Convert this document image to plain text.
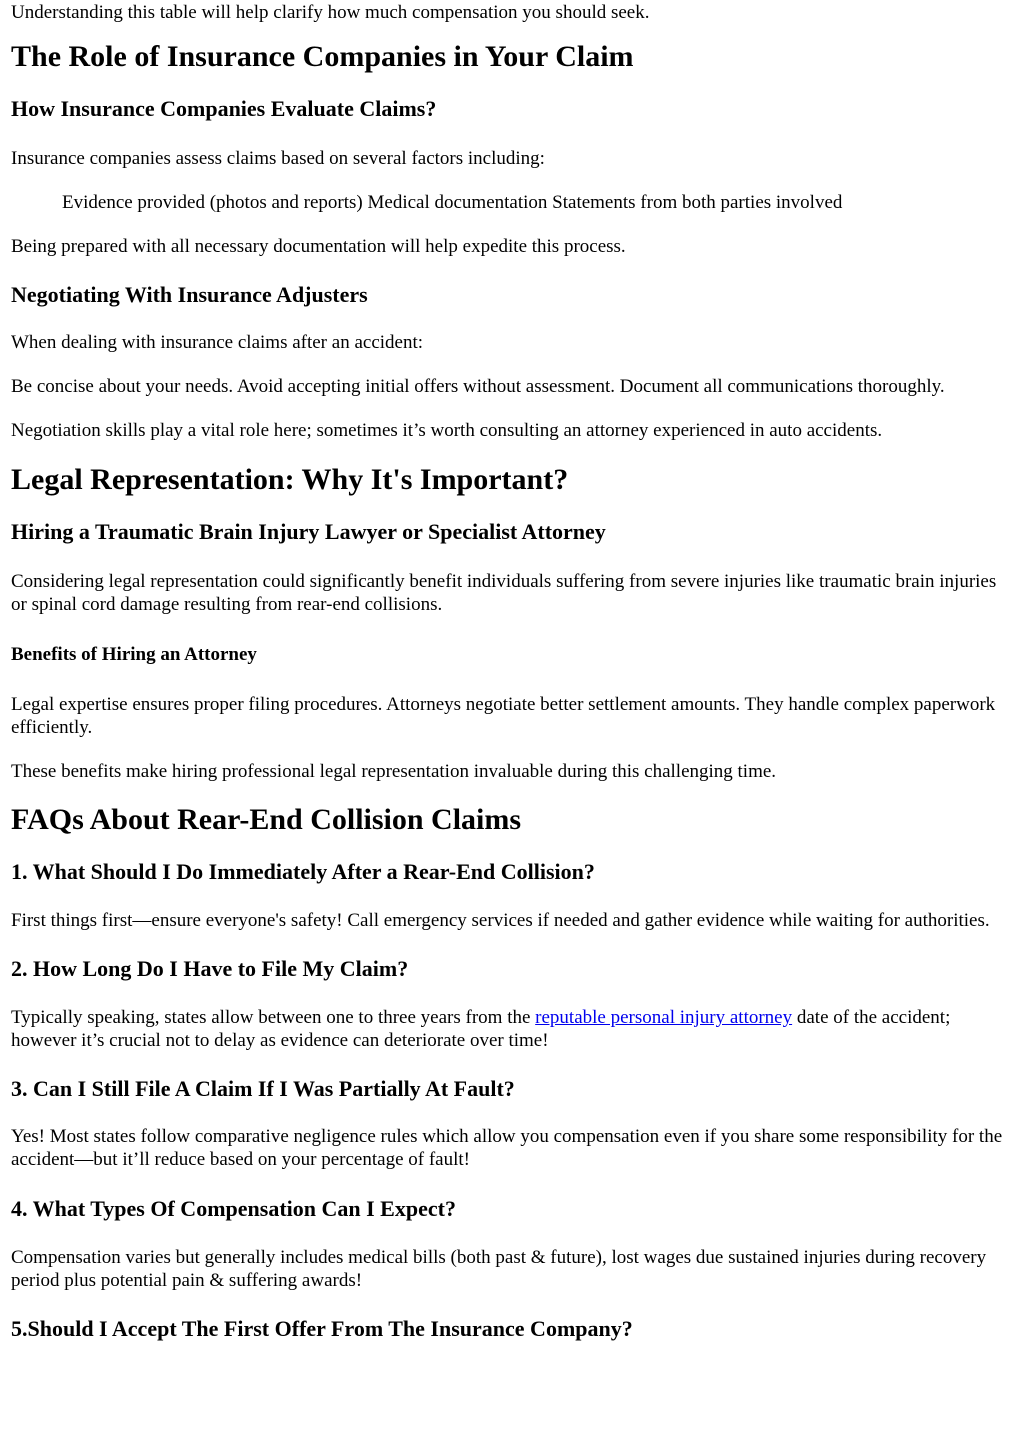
Understanding this table will help clarify how much compensation you should seek.

The Role of Insurance Companies in Your Claim
How Insurance Companies Evaluate Claims?

Insurance companies assess claims based on several factors including:

Evidence provided (photos and reports) Medical documentation Statements from both parties involved

Being prepared with all necessary documentation will help expedite this process.

Negotiating With Insurance Adjusters

When dealing with insurance claims after an accident:

Be concise about your needs. Avoid accepting initial offers without assessment. Document all communications thoroughly.

Negotiation skills play a vital role here; sometimes it’s worth consulting an attorney experienced in auto accidents.

Legal Representation: Why It's Important?
Hiring a Traumatic Brain Injury Lawyer or Specialist Attorney

Considering legal representation could significantly benefit individuals suffering from severe injuries like traumatic brain injuries or spinal cord damage resulting from rear-end collisions.

Benefits of Hiring an Attorney

Legal expertise ensures proper filing procedures. Attorneys negotiate better settlement amounts. They handle complex paperwork efficiently.

These benefits make hiring professional legal representation invaluable during this challenging time.

FAQs About Rear-End Collision Claims
1. What Should I Do Immediately After a Rear-End Collision?

First things first—ensure everyone's safety! Call emergency services if needed and gather evidence while waiting for authorities.

2. How Long Do I Have to File My Claim?

Typically speaking, states allow between one to three years from the reputable personal injury attorney date of the accident; however it’s crucial not to delay as evidence can deteriorate over time!

3. Can I Still File A Claim If I Was Partially At Fault?

Yes! Most states follow comparative negligence rules which allow you compensation even if you share some responsibility for the accident—but it’ll reduce based on your percentage of fault!

4. What Types Of Compensation Can I Expect?

Compensation varies but generally includes medical bills (both past & future), lost wages due sustained injuries during recovery period plus potential pain & suffering awards!

5.Should I Accept The First Offer From The Insurance Company?
